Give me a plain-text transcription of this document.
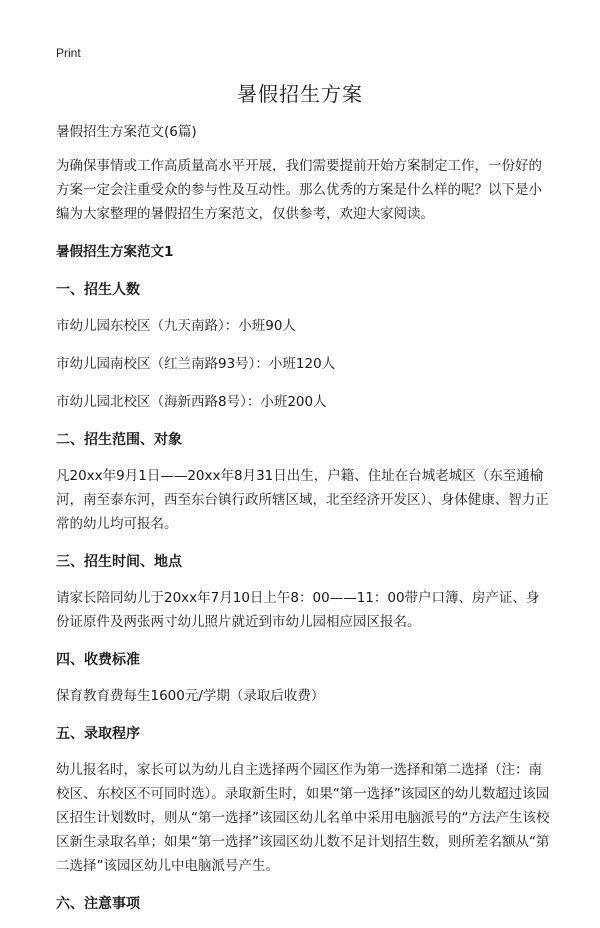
Print
暑假招生方案

暑假招生方案范文(6篇)

为确保事情或工作高质量高水平开展，我们需要提前开始方案制定工作，一份好的方案一定会注重受众的参与性及互动性。那么优秀的方案是什么样的呢？以下是小编为大家整理的暑假招生方案范文，仅供参考，欢迎大家阅读。

暑假招生方案范文1

一、招生人数

市幼儿园东校区（九天南路）：小班90人

市幼儿园南校区（红兰南路93号）：小班120人

市幼儿园北校区（海新西路8号）：小班200人

二、招生范围、对象

凡20xx年9月1日——20xx年8月31日出生，户籍、住址在台城老城区（东至通榆河，南至泰东河，西至东台镇行政所辖区域，北至经济开发区）、身体健康、智力正常的幼儿均可报名。

三、招生时间、地点

请家长陪同幼儿于20xx年7月10日上午8：00——11：00带户口簿、房产证、身份证原件及两张两寸幼儿照片就近到市幼儿园相应园区报名。

四、收费标准

保育教育费每生1600元/学期（录取后收费）

五、录取程序

幼儿报名时，家长可以为幼儿自主选择两个园区作为第一选择和第二选择（注：南校区、东校区不可同时选）。录取新生时，如果“第一选择”该园区的幼儿数超过该园区招生计划数时，则从“第一选择”该园区幼儿名单中采用电脑派号的“方法产生该校区新生录取名单；如果“第一选择”该园区幼儿数不足计划招生数，则所差名额从“第二选择”该园区幼儿中电脑派号产生。

六、注意事项
